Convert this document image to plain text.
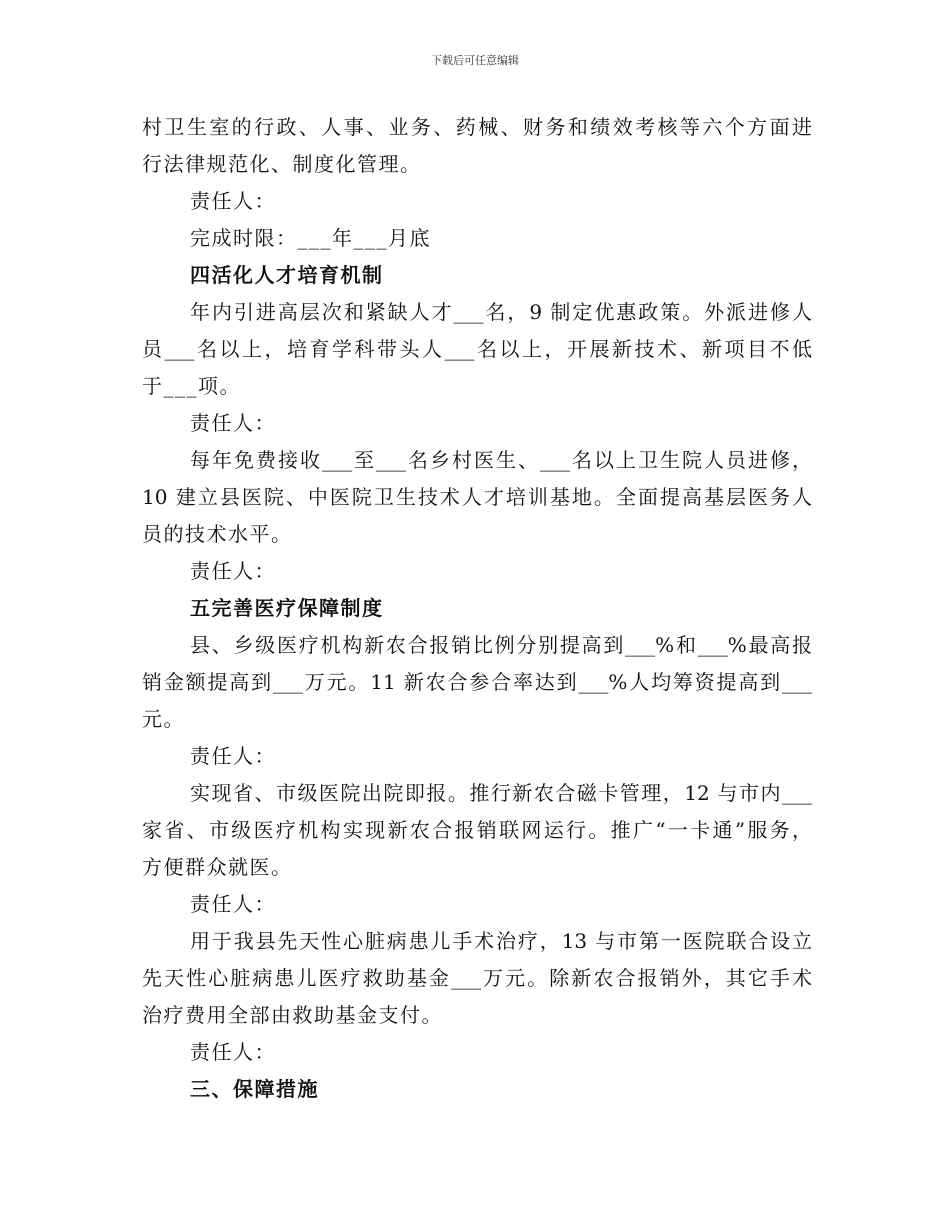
下载后可任意编辑
村卫生室的行政、人事、业务、药械、财务和绩效考核等六个方面进
行法律规范化、制度化管理。
责任人：
完成时限：___年___月底
四活化人才培育机制
年内引进高层次和紧缺人才___名，9 制定优惠政策。外派进修人
员___名以上，培育学科带头人___名以上，开展新技术、新项目不低
于___项。
责任人：
每年免费接收___至___名乡村医生、___名以上卫生院人员进修，
10 建立县医院、中医院卫生技术人才培训基地。全面提高基层医务人
员的技术水平。
责任人：
五完善医疗保障制度
县、乡级医疗机构新农合报销比例分别提高到___%和___%最高报
销金额提高到___万元。11 新农合参合率达到___%人均筹资提高到___
元。
责任人：
实现省、市级医院出院即报。推行新农合磁卡管理，12 与市内___
家省、市级医疗机构实现新农合报销联网运行。推广“一卡通”服务，
方便群众就医。
责任人：
用于我县先天性心脏病患儿手术治疗，13 与市第一医院联合设立
先天性心脏病患儿医疗救助基金___万元。除新农合报销外，其它手术
治疗费用全部由救助基金支付。
责任人：
三、保障措施
